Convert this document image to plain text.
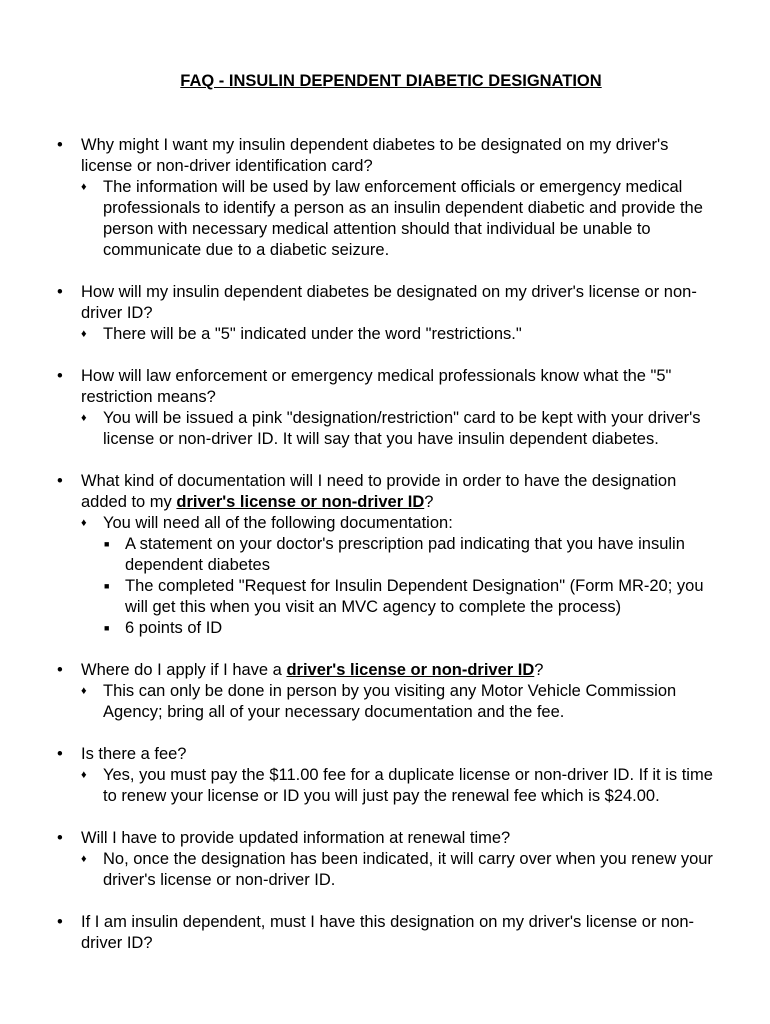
FAQ - INSULIN DEPENDENT DIABETIC DESIGNATION
• Why might I want my insulin dependent diabetes to be designated on my driver's license or non-driver identification card?
♦ The information will be used by law enforcement officials or emergency medical professionals to identify a person as an insulin dependent diabetic and provide the person with necessary medical attention should that individual be unable to communicate due to a diabetic seizure.
• How will my insulin dependent diabetes be designated on my driver's license or non-driver ID?
♦ There will be a "5" indicated under the word "restrictions."
• How will law enforcement or emergency medical professionals know what the "5" restriction means?
♦ You will be issued a pink "designation/restriction" card to be kept with your driver's license or non-driver ID. It will say that you have insulin dependent diabetes.
• What kind of documentation will I need to provide in order to have the designation added to my driver's license or non-driver ID?
♦ You will need all of the following documentation:
■ A statement on your doctor's prescription pad indicating that you have insulin dependent diabetes
■ The completed "Request for Insulin Dependent Designation" (Form MR-20; you will get this when you visit an MVC agency to complete the process)
■ 6 points of ID
• Where do I apply if I have a driver's license or non-driver ID?
♦ This can only be done in person by you visiting any Motor Vehicle Commission Agency; bring all of your necessary documentation and the fee.
• Is there a fee?
♦ Yes, you must pay the $11.00 fee for a duplicate license or non-driver ID. If it is time to renew your license or ID you will just pay the renewal fee which is $24.00.
• Will I have to provide updated information at renewal time?
♦ No, once the designation has been indicated, it will carry over when you renew your driver's license or non-driver ID.
• If I am insulin dependent, must I have this designation on my driver's license or non-driver ID?
